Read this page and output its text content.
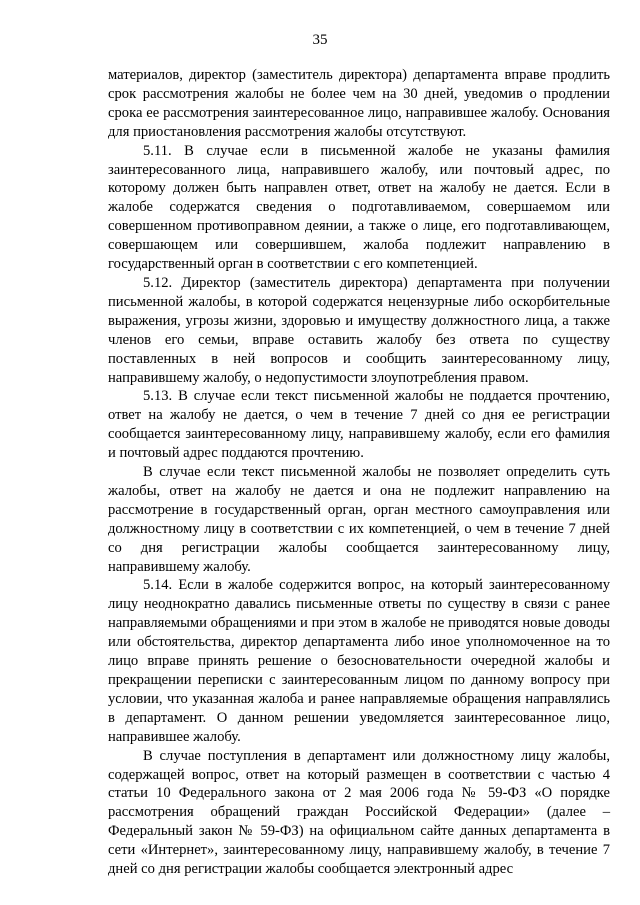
35

материалов, директор (заместитель директора) департамента вправе продлить срок рассмотрения жалобы не более чем на 30 дней, уведомив о продлении срока ее рассмотрения заинтересованное лицо, направившее жалобу. Основания для приостановления рассмотрения жалобы отсутствуют.

5.11. В случае если в письменной жалобе не указаны фамилия заинтересованного лица, направившего жалобу, или почтовый адрес, по которому должен быть направлен ответ, ответ на жалобу не дается. Если в жалобе содержатся сведения о подготавливаемом, совершаемом или совершенном противоправном деянии, а также о лице, его подготавливающем, совершающем или совершившем, жалоба подлежит направлению в государственный орган в соответствии с его компетенцией.

5.12. Директор (заместитель директора) департамента при получении письменной жалобы, в которой содержатся нецензурные либо оскорбительные выражения, угрозы жизни, здоровью и имуществу должностного лица, а также членов его семьи, вправе оставить жалобу без ответа по существу поставленных в ней вопросов и сообщить заинтересованному лицу, направившему жалобу, о недопустимости злоупотребления правом.

5.13. В случае если текст письменной жалобы не поддается прочтению, ответ на жалобу не дается, о чем в течение 7 дней со дня ее регистрации сообщается заинтересованному лицу, направившему жалобу, если его фамилия и почтовый адрес поддаются прочтению.

В случае если текст письменной жалобы не позволяет определить суть жалобы, ответ на жалобу не дается и она не подлежит направлению на рассмотрение в государственный орган, орган местного самоуправления или должностному лицу в соответствии с их компетенцией, о чем в течение 7 дней со дня регистрации жалобы сообщается заинтересованному лицу, направившему жалобу.

5.14. Если в жалобе содержится вопрос, на который заинтересованному лицу неоднократно давались письменные ответы по существу в связи с ранее направляемыми обращениями и при этом в жалобе не приводятся новые доводы или обстоятельства, директор департамента либо иное уполномоченное на то лицо вправе принять решение о безосновательности очередной жалобы и прекращении переписки с заинтересованным лицом по данному вопросу при условии, что указанная жалоба и ранее направляемые обращения направлялись в департамент. О данном решении уведомляется заинтересованное лицо, направившее жалобу.

В случае поступления в департамент или должностному лицу жалобы, содержащей вопрос, ответ на который размещен в соответствии с частью 4 статьи 10 Федерального закона от 2 мая 2006 года № 59-ФЗ «О порядке рассмотрения обращений граждан Российской Федерации» (далее – Федеральный закон № 59-ФЗ) на официальном сайте данных департамента в сети «Интернет», заинтересованному лицу, направившему жалобу, в течение 7 дней со дня регистрации жалобы сообщается электронный адрес
